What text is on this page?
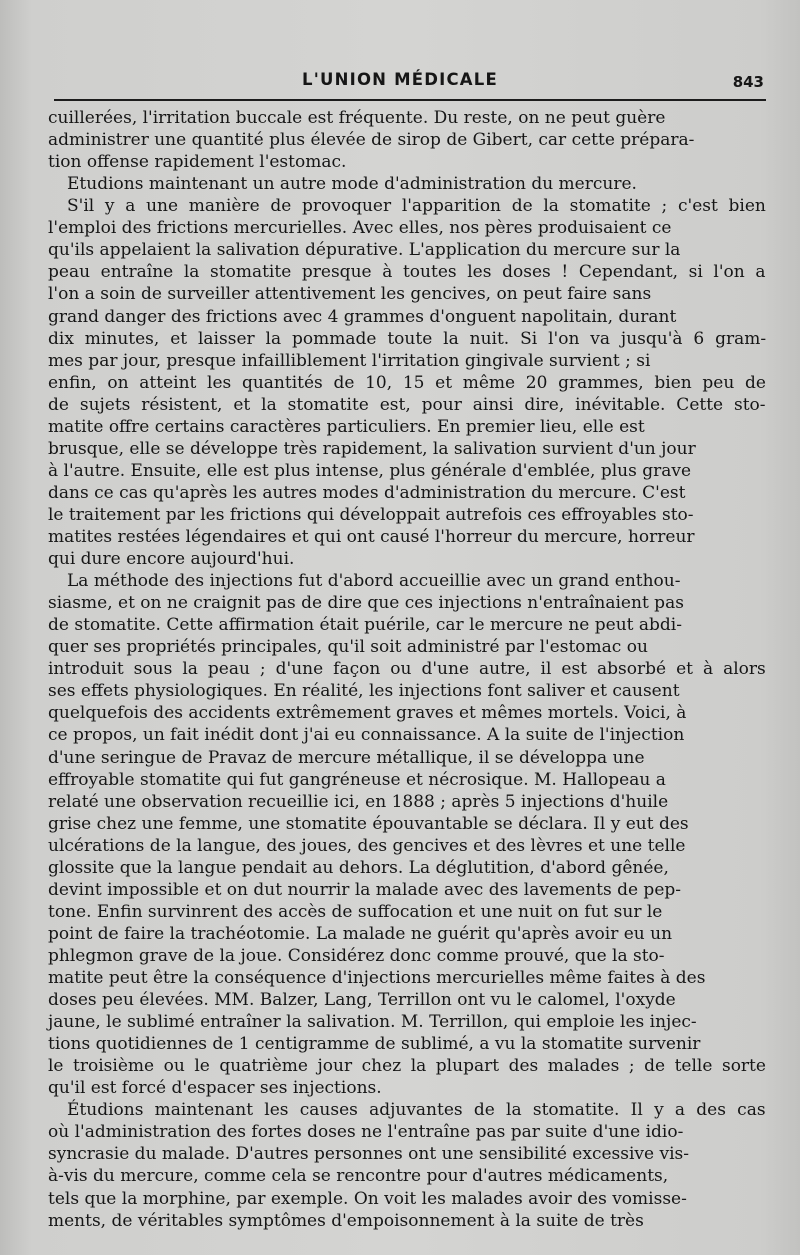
L'UNION MÉDICALE	843
cuillerées, l'irritation buccale est fréquente. Du reste, on ne peut guère
administrer une quantité plus élevée de sirop de Gibert, car cette prépara-
tion offense rapidement l'estomac.
Etudions maintenant un autre mode d'administration du mercure.
S'il y a une manière de provoquer l'apparition de la stomatite ; c'est bien
l'emploi des frictions mercurielles. Avec elles, nos pères produisaient ce
qu'ils appelaient la salivation dépurative. L'application du mercure sur la
peau entraîne la stomatite presque à toutes les doses ! Cependant, si l'on a
l'on a soin de surveiller attentivement les gencives, on peut faire sans
grand danger des frictions avec 4 grammes d'onguent napolitain, durant
dix minutes, et laisser la pommade toute la nuit. Si l'on va jusqu'à 6 gram-
mes par jour, presque infailliblement l'irritation gingivale survient ; si
enfin, on atteint les quantités de 10, 15 et même 20 grammes, bien peu de
de sujets résistent, et la stomatite est, pour ainsi dire, inévitable. Cette sto-
matite offre certains caractères particuliers. En premier lieu, elle est
brusque, elle se développe très rapidement, la salivation survient d'un jour
à l'autre. Ensuite, elle est plus intense, plus générale d'emblée, plus grave
dans ce cas qu'après les autres modes d'administration du mercure. C'est
le traitement par les frictions qui développait autrefois ces effroyables sto-
matites restées légendaires et qui ont causé l'horreur du mercure, horreur
qui dure encore aujourd'hui.
La méthode des injections fut d'abord accueillie avec un grand enthou-
siasme, et on ne craignit pas de dire que ces injections n'entraînaient pas
de stomatite. Cette affirmation était puérile, car le mercure ne peut abdi-
quer ses propriétés principales, qu'il soit administré par l'estomac ou
introduit sous la peau ; d'une façon ou d'une autre, il est absorbé et à alors
ses effets physiologiques. En réalité, les injections font saliver et causent
quelquefois des accidents extrêmement graves et mêmes mortels. Voici, à
ce propos, un fait inédit dont j'ai eu connaissance. A la suite de l'injection
d'une seringue de Pravaz de mercure métallique, il se développa une
effroyable stomatite qui fut gangréneuse et nécrosique. M. Hallopeau a
relaté une observation recueillie ici, en 1888 ; après 5 injections d'huile
grise chez une femme, une stomatite épouvantable se déclara. Il y eut des
ulcérations de la langue, des joues, des gencives et des lèvres et une telle
glossite que la langue pendait au dehors. La déglutition, d'abord gênée,
devint impossible et on dut nourrir la malade avec des lavements de pep-
tone. Enfin survinrent des accès de suffocation et une nuit on fut sur le
point de faire la trachéotomie. La malade ne guérit qu'après avoir eu un
phlegmon grave de la joue. Considérez donc comme prouvé, que la sto-
matite peut être la conséquence d'injections mercurielles même faites à des
doses peu élevées. MM. Balzer, Lang, Terrillon ont vu le calomel, l'oxyde
jaune, le sublimé entraîner la salivation. M. Terrillon, qui emploie les injec-
tions quotidiennes de 1 centigramme de sublimé, a vu la stomatite survenir
le troisième ou le quatrième jour chez la plupart des malades ; de telle sorte
qu'il est forcé d'espacer ses injections.
Étudions maintenant les causes adjuvantes de la stomatite. Il y a des cas
où l'administration des fortes doses ne l'entraîne pas par suite d'une idio-
syncrasie du malade. D'autres personnes ont une sensibilité excessive vis-
à-vis du mercure, comme cela se rencontre pour d'autres médicaments,
tels que la morphine, par exemple. On voit les malades avoir des vomisse-
ments, de véritables symptômes d'empoisonnement à la suite de très
